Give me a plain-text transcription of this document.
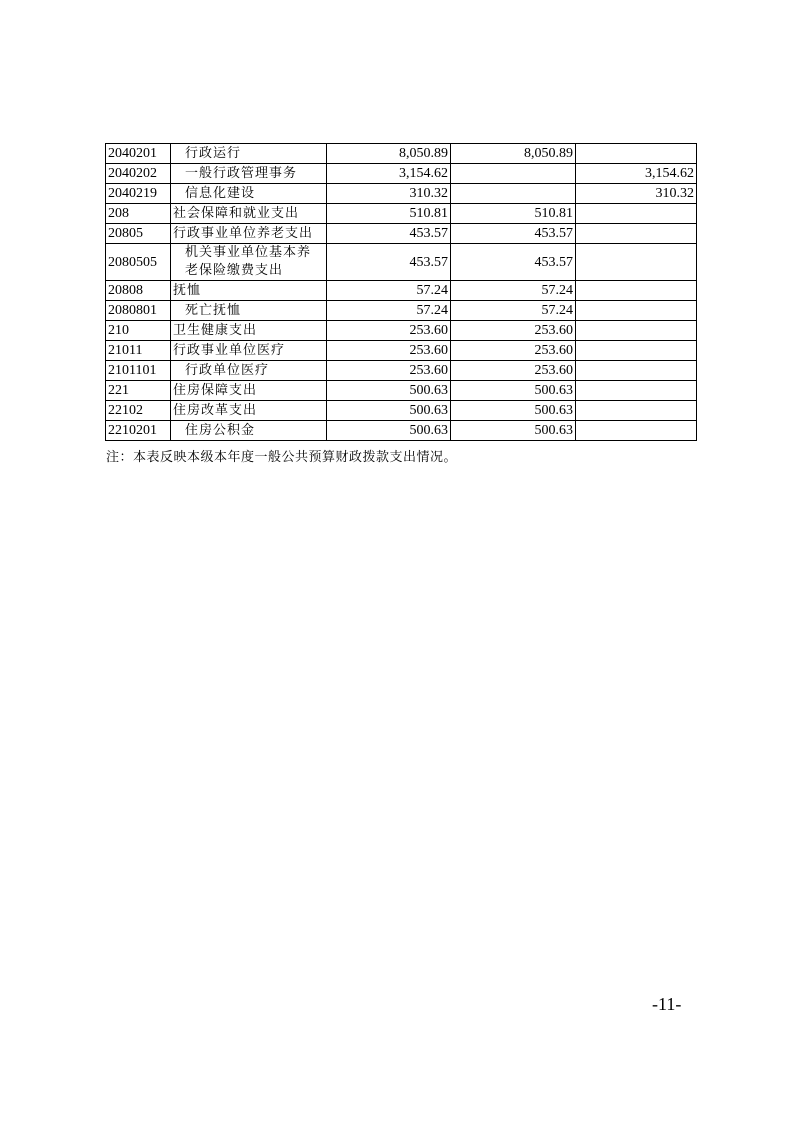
2040201	行政运行	8,050.89	8,050.89	
2040202	一般行政管理事务	3,154.62		3,154.62
2040219	信息化建设	310.32		310.32
208	社会保障和就业支出	510.81	510.81	
20805	行政事业单位养老支出	453.57	453.57	
2080505	机关事业单位基本养老保险缴费支出	453.57	453.57	
20808	抚恤	57.24	57.24	
2080801	死亡抚恤	57.24	57.24	
210	卫生健康支出	253.60	253.60	
21011	行政事业单位医疗	253.60	253.60	
2101101	行政单位医疗	253.60	253.60	
221	住房保障支出	500.63	500.63	
22102	住房改革支出	500.63	500.63	
2210201	住房公积金	500.63	500.63	
注：本表反映本级本年度一般公共预算财政拨款支出情况。
-11-
